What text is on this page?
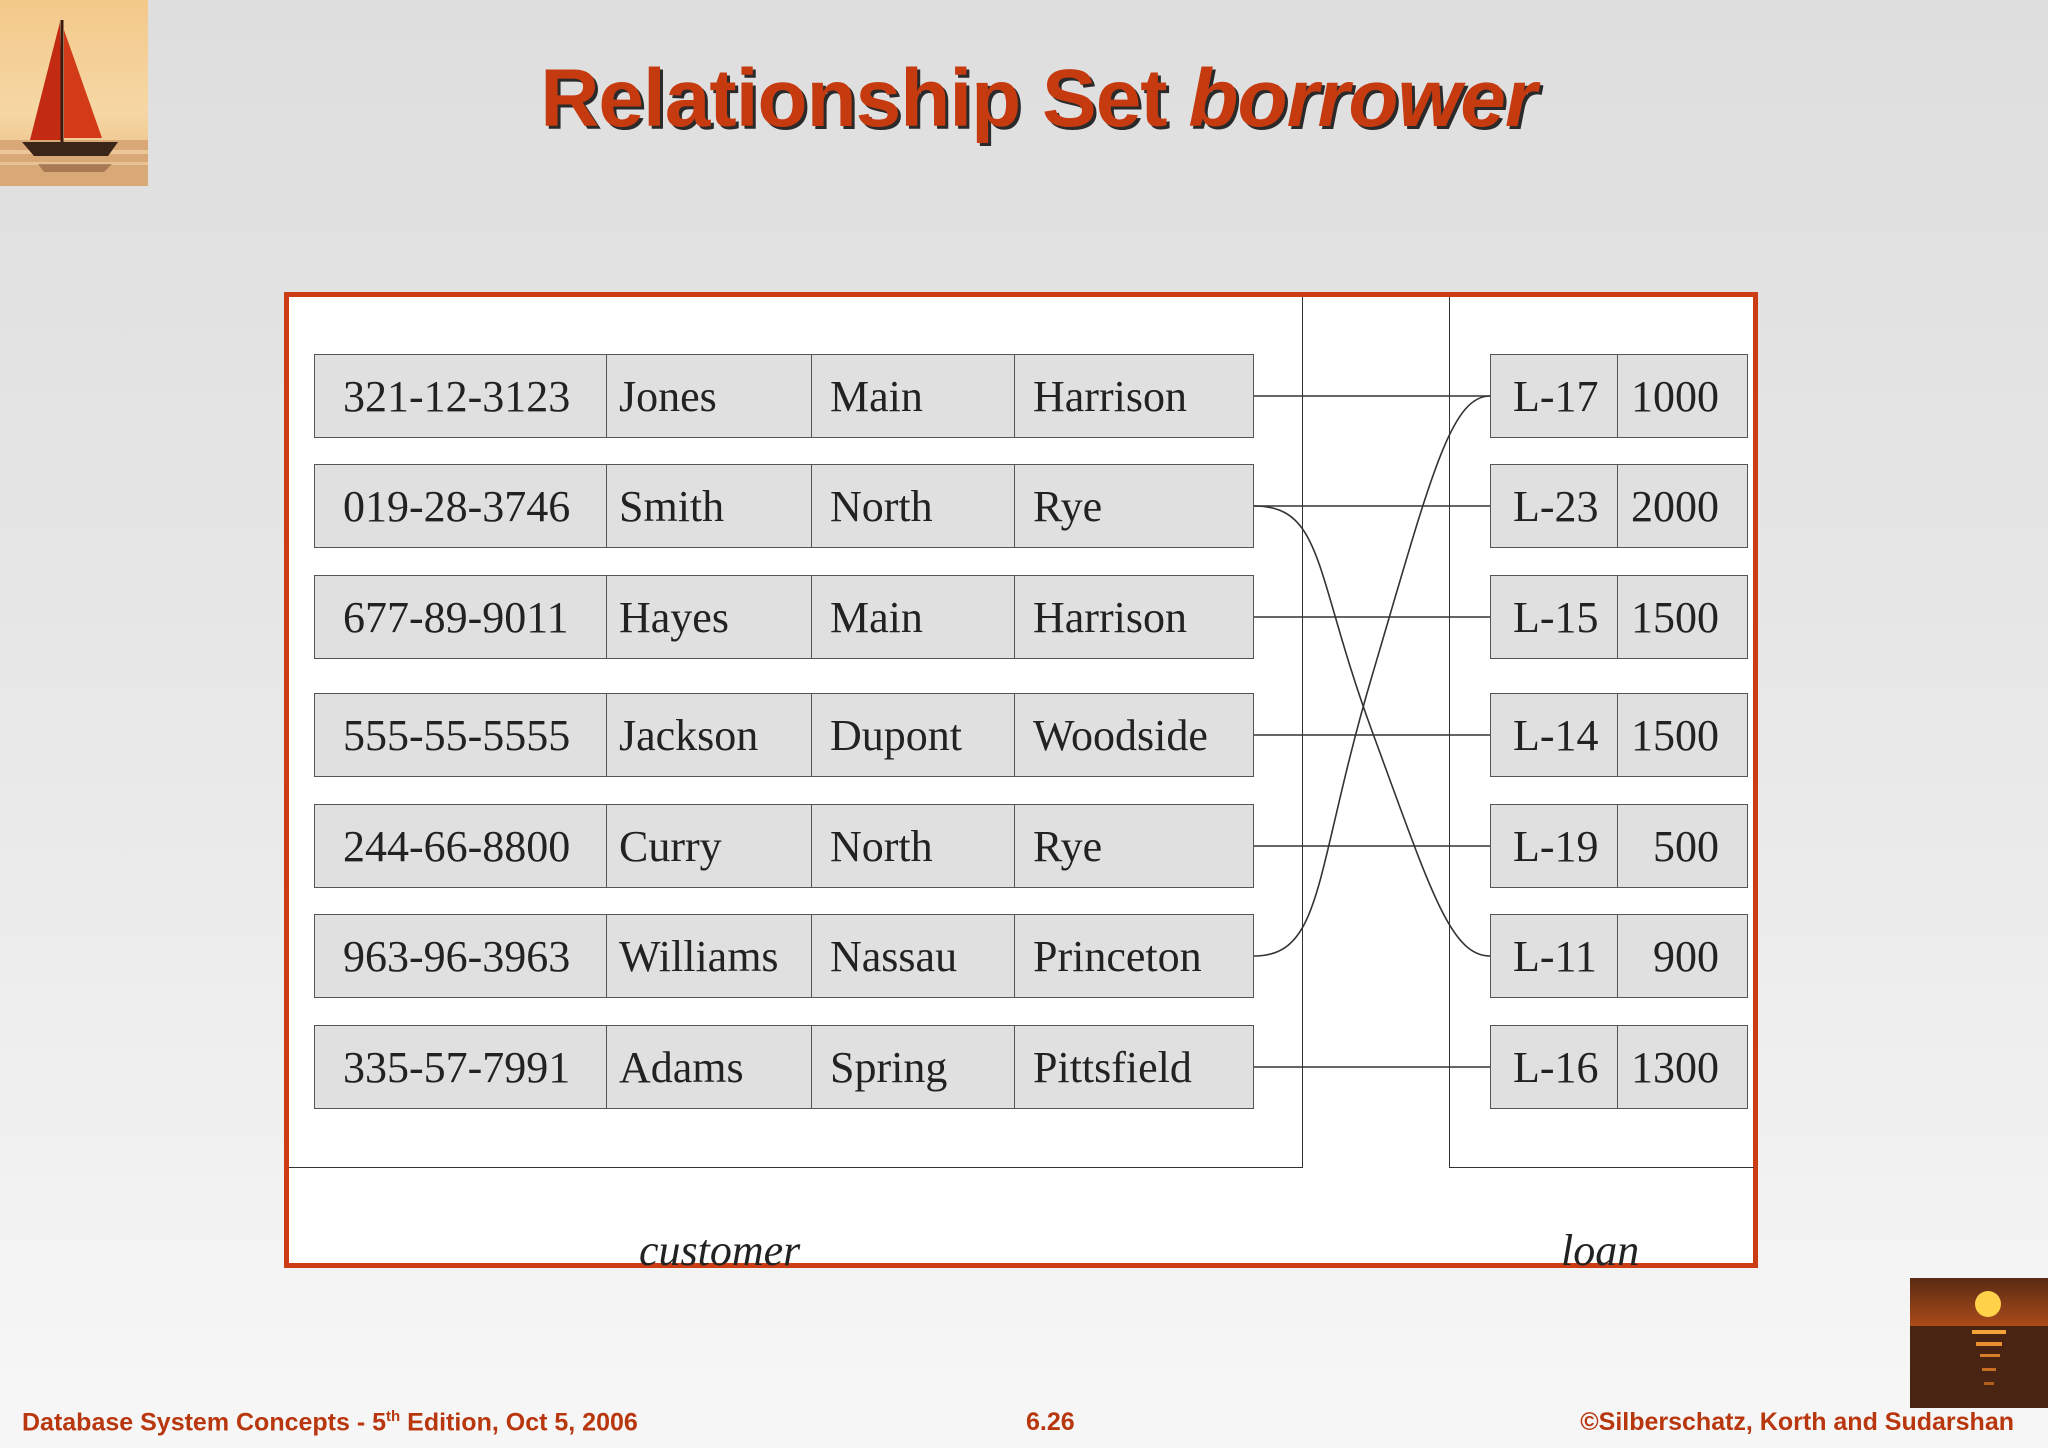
Relationship Set borrower
321-12-3123	Jones	Main	Harrison
019-28-3746	Smith	North	Rye
677-89-9011	Hayes	Main	Harrison
555-55-5555	Jackson	Dupont	Woodside
244-66-8800	Curry	North	Rye
963-96-3963	Williams	Nassau	Princeton
335-57-7991	Adams	Spring	Pittsfield
L-17 1000
L-23 2000
L-15 1500
L-14 1500
L-19	500
L-11	900
L-16 1300
customer	loan

Database System Concepts - 5th Edition, Oct 5, 2006	6.26	©Silberschatz, Korth and Sudarshan
